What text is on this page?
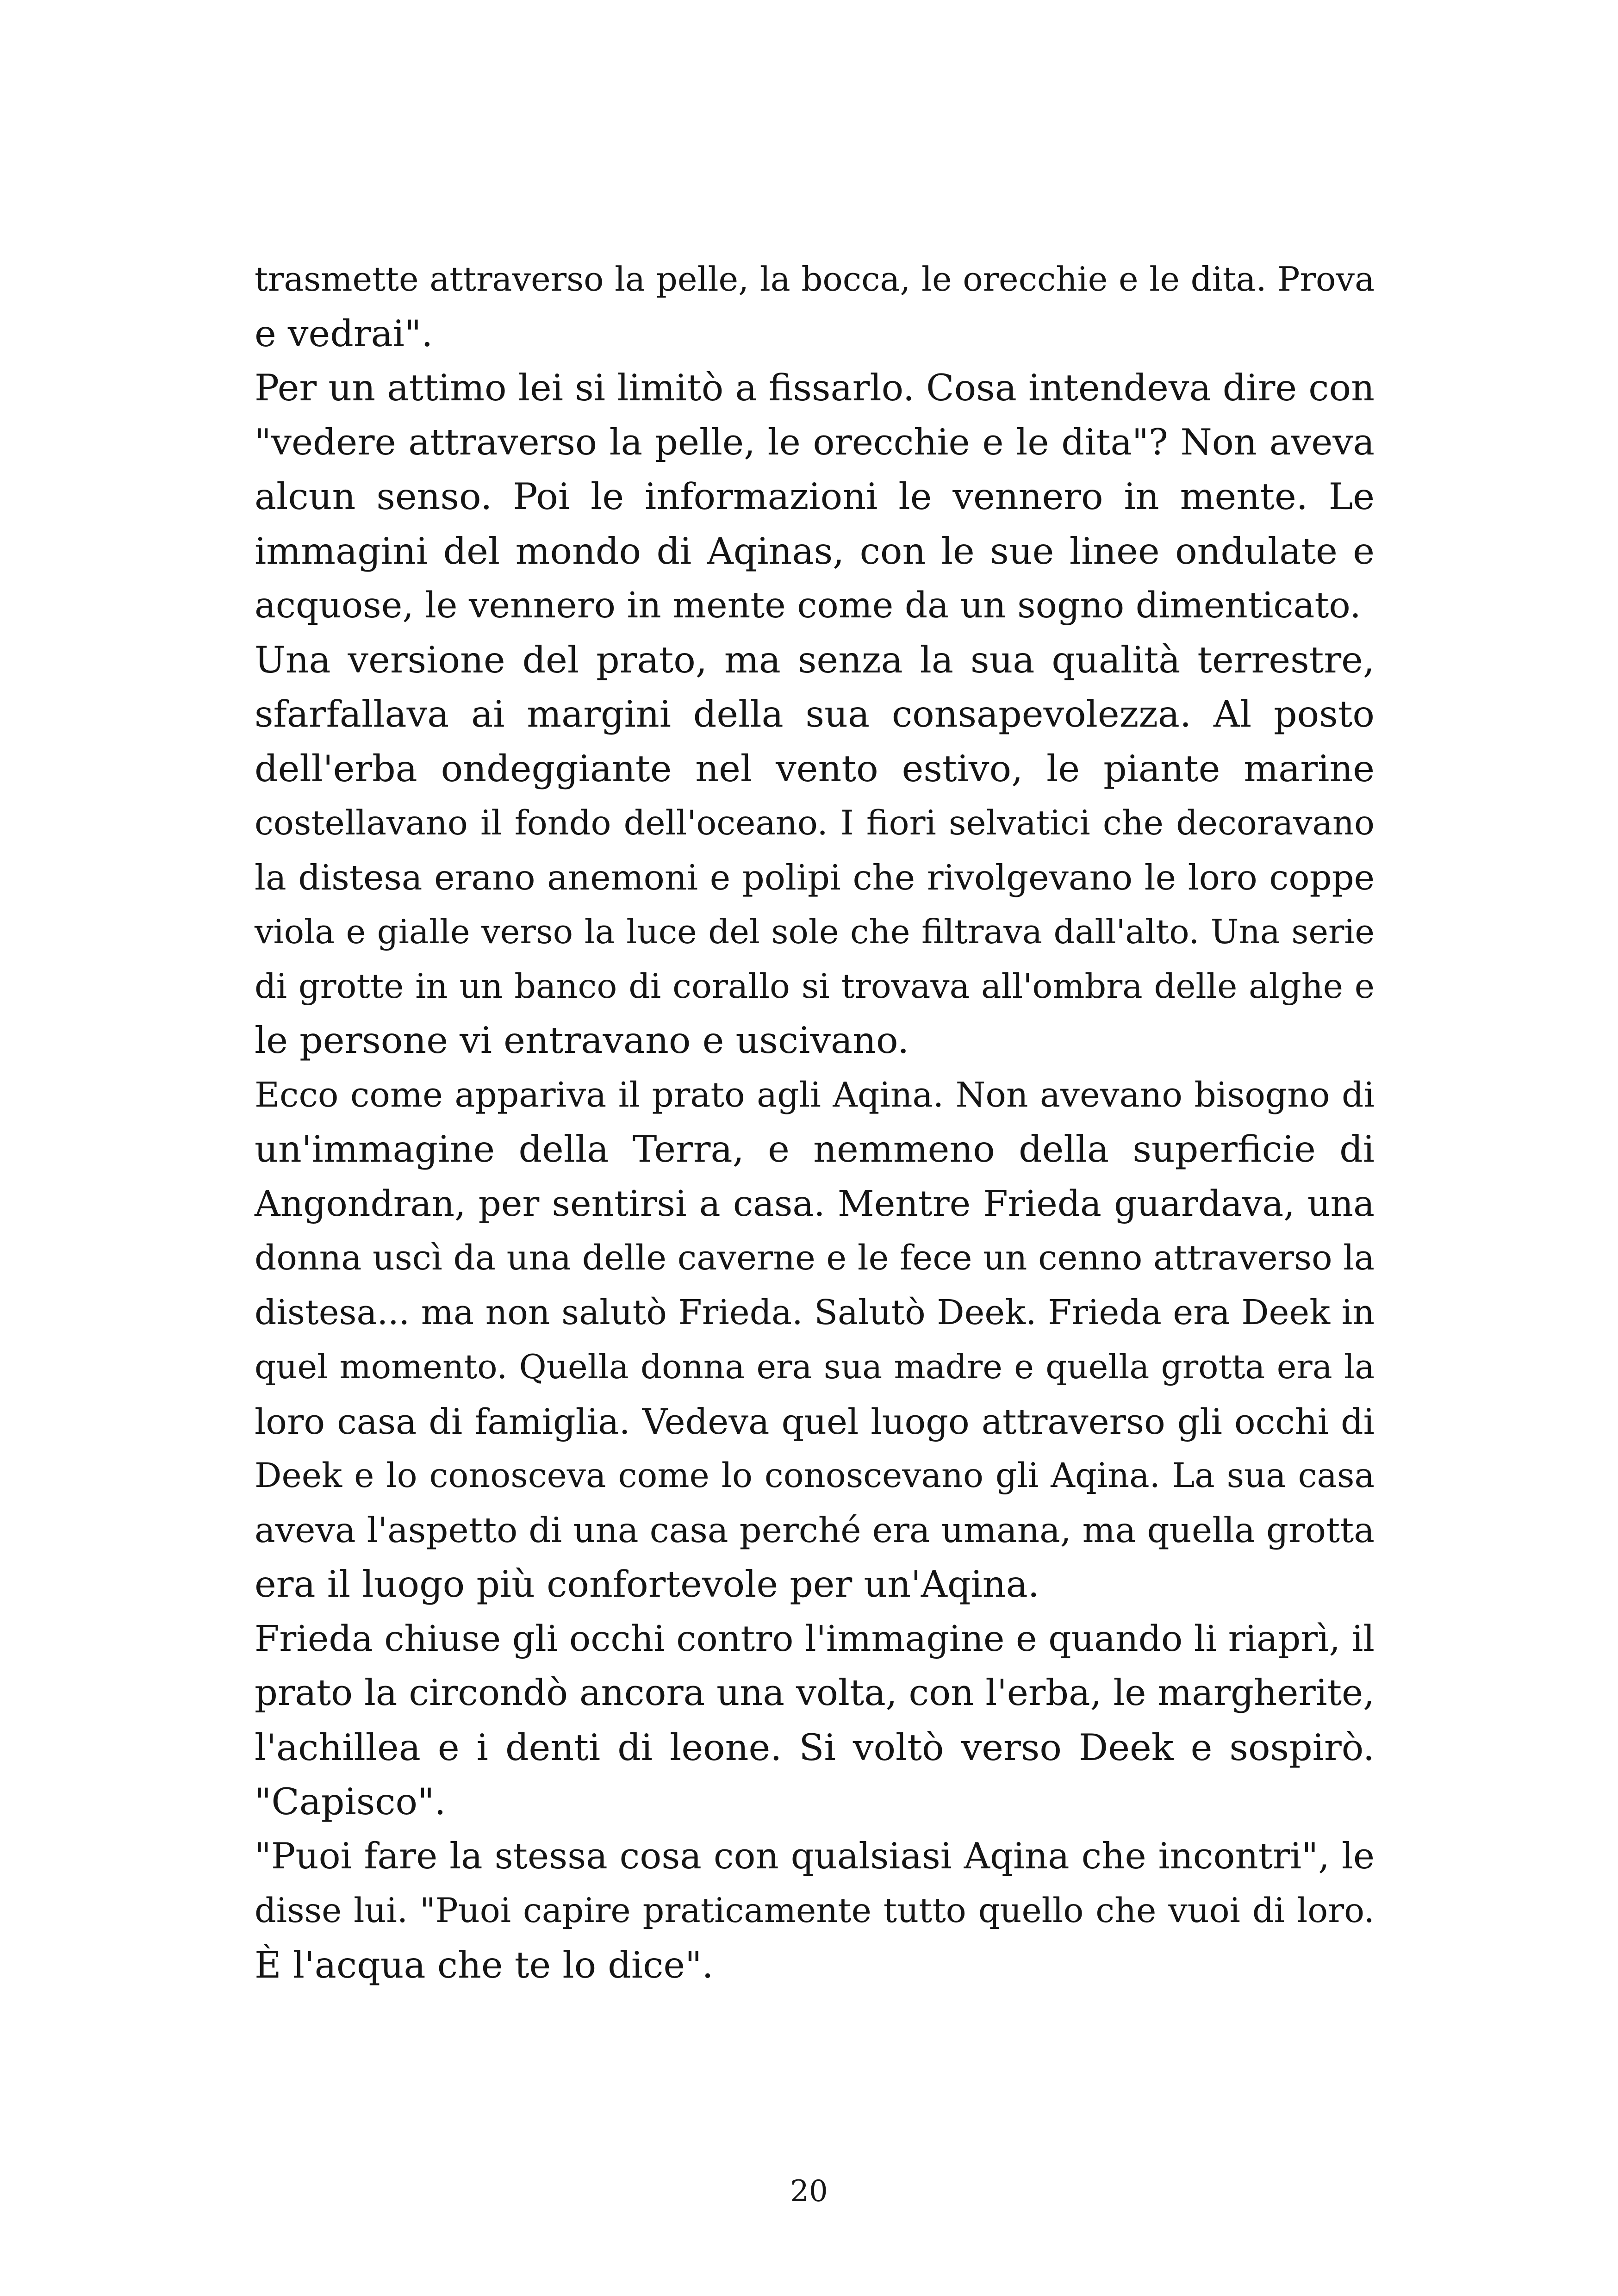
trasmette attraverso la pelle, la bocca, le orecchie e le dita. Prova
e vedrai".

Per un attimo lei si limitò a fissarlo. Cosa intendeva dire con
"vedere attraverso la pelle, le orecchie e le dita"? Non aveva
alcun senso. Poi le informazioni le vennero in mente. Le
immagini del mondo di Aqinas, con le sue linee ondulate e
acquose, le vennero in mente come da un sogno dimenticato.

Una versione del prato, ma senza la sua qualità terrestre,
sfarfallava ai margini della sua consapevolezza. Al posto
dell'erba ondeggiante nel vento estivo, le piante marine
costellavano il fondo dell'oceano. I fiori selvatici che decoravano
la distesa erano anemoni e polipi che rivolgevano le loro coppe
viola e gialle verso la luce del sole che filtrava dall'alto. Una serie
di grotte in un banco di corallo si trovava all'ombra delle alghe e
le persone vi entravano e uscivano.

Ecco come appariva il prato agli Aqina. Non avevano bisogno di
un'immagine della Terra, e nemmeno della superficie di
Angondran, per sentirsi a casa. Mentre Frieda guardava, una
donna uscì da una delle caverne e le fece un cenno attraverso la
distesa... ma non salutò Frieda. Salutò Deek. Frieda era Deek in
quel momento. Quella donna era sua madre e quella grotta era la
loro casa di famiglia. Vedeva quel luogo attraverso gli occhi di
Deek e lo conosceva come lo conoscevano gli Aqina. La sua casa
aveva l'aspetto di una casa perché era umana, ma quella grotta
era il luogo più confortevole per un'Aqina.

Frieda chiuse gli occhi contro l'immagine e quando li riaprì, il
prato la circondò ancora una volta, con l'erba, le margherite,
l'achillea e i denti di leone. Si voltò verso Deek e sospirò.
"Capisco".

"Puoi fare la stessa cosa con qualsiasi Aqina che incontri", le
disse lui. "Puoi capire praticamente tutto quello che vuoi di loro.
È l'acqua che te lo dice".

20
